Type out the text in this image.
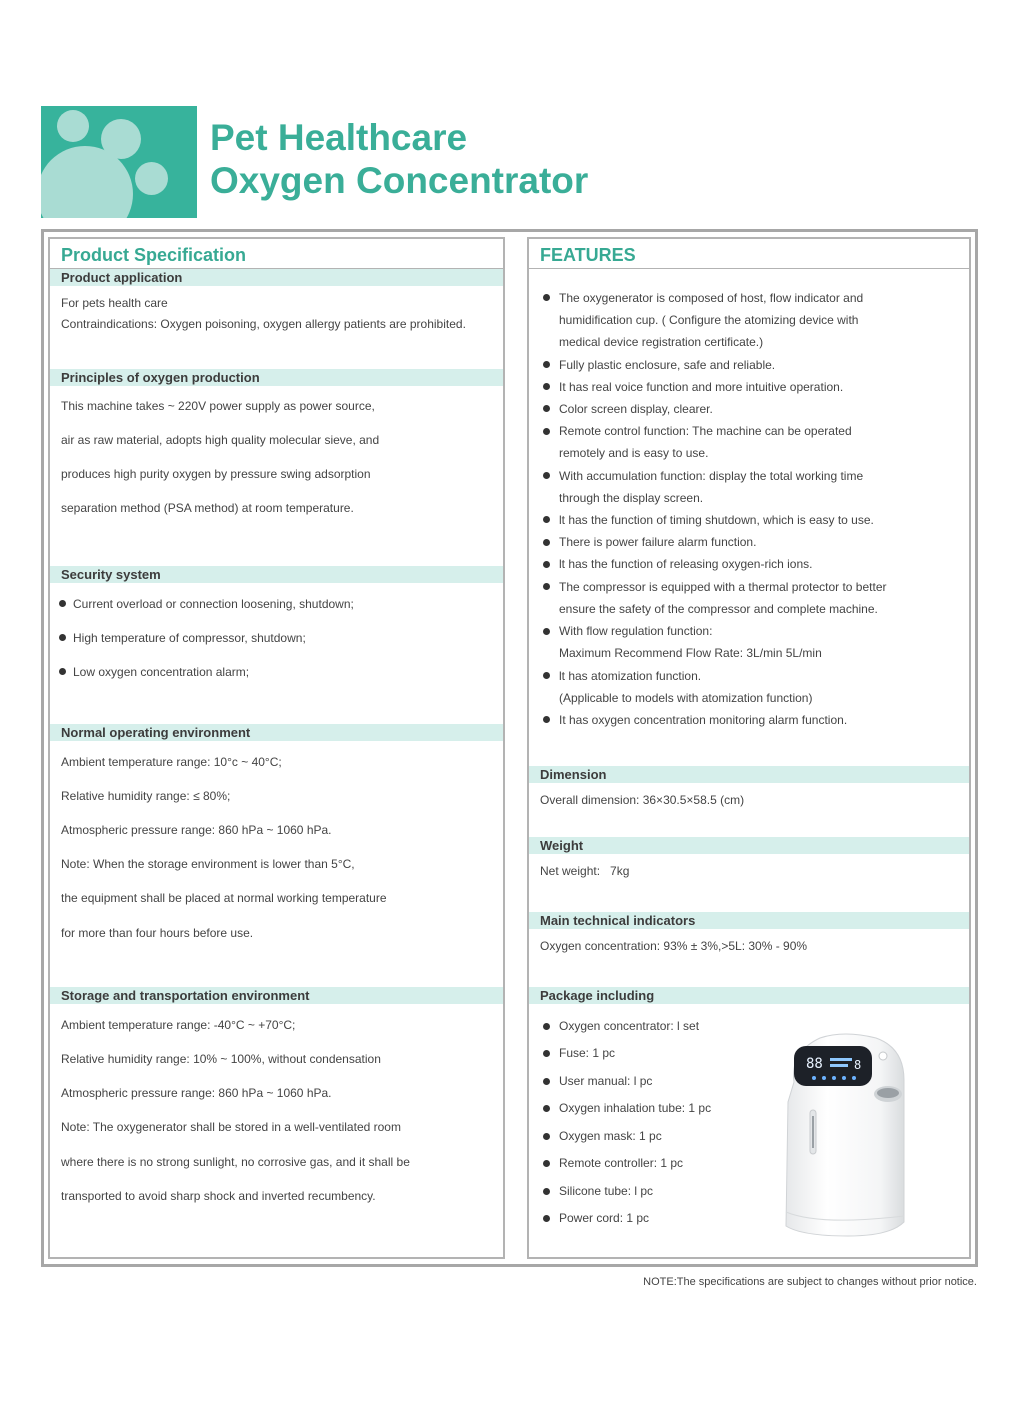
Pet Healthcare
Oxygen Concentrator
Product Specification
Product application
For pets health care
Contraindications: Oxygen poisoning, oxygen allergy patients are prohibited.
Principles of oxygen production
This machine takes ~ 220V power supply as power source,
air as raw material, adopts high quality molecular sieve, and
produces high purity oxygen by pressure swing adsorption
separation method (PSA method) at room temperature.
Security system
Current overload or connection loosening, shutdown;
High temperature of compressor, shutdown;
Low oxygen concentration alarm;
Normal operating environment
Ambient temperature range: 10°c ~ 40°C;
Relative humidity range: ≤ 80%;
Atmospheric pressure range: 860 hPa ~ 1060 hPa.
Note: When the storage environment is lower than 5°C,
the equipment shall be placed at normal working temperature
for more than four hours before use.
Storage and transportation environment
Ambient temperature range: -40°C ~ +70°C;
Relative humidity range: 10% ~ 100%, without condensation
Atmospheric pressure range: 860 hPa ~ 1060 hPa.
Note: The oxygenerator shall be stored in a well-ventilated room
where there is no strong sunlight, no corrosive gas, and it shall be
transported to avoid sharp shock and inverted recumbency.
FEATURES
The oxygenerator is composed of host, flow indicator and
humidification cup. ( Configure the atomizing device with
medical device registration certificate.)
Fully plastic enclosure, safe and reliable.
It has real voice function and more intuitive operation.
Color screen display, clearer.
Remote control function: The machine can be operated
remotely and is easy to use.
With accumulation function: display the total working time
through the display screen.
lt has the function of timing shutdown, which is easy to use.
There is power failure alarm function.
lt has the function of releasing oxygen-rich ions.
The compressor is equipped with a thermal protector to better
ensure the safety of the compressor and complete machine.
With flow regulation function:
Maximum Recommend Flow Rate: 3L/min 5L/min
lt has atomization function.
(Applicable to models with atomization function)
It has oxygen concentration monitoring alarm function.
Dimension
Overall dimension: 36×30.5×58.5 (cm)
Weight
Net weight:   7kg
Main technical indicators
Oxygen concentration: 93% ± 3%,>5L: 30% - 90%
Package including
Oxygen concentrator: l set
Fuse: 1 pc
User manual: l pc
Oxygen inhalation tube: 1 pc
Oxygen mask: 1 pc
Remote controller: 1 pc
Silicone tube: l pc
Power cord: 1 pc
88	8
NOTE:The specifications are subject to changes without prior notice.
